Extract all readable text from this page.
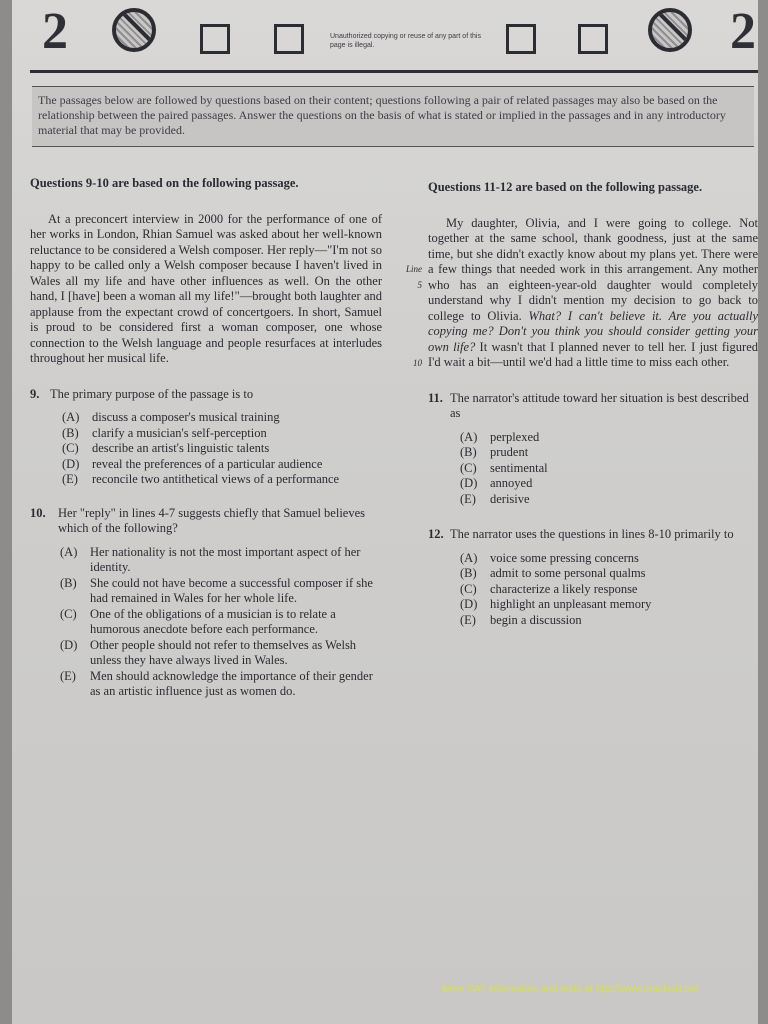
2	Unauthorized copying or reuse of any part of this page is illegal.	2
The passages below are followed by questions based on their content; questions following a pair of related passages may also be based on the relationship between the paired passages. Answer the questions on the basis of what is stated or implied in the passages and in any introductory material that may be provided.
Questions 9-10 are based on the following passage.

At a preconcert interview in 2000 for the performance of one of her works in London, Rhian Samuel was asked about her well-known reluctance to be considered a Welsh composer. Her reply—"I'm not so happy to be called only a Welsh composer because I haven't lived in Wales all my life and have other influences as well. On the other hand, I [have] been a woman all my life!"—brought both laughter and applause from the expectant crowd of concertgoers. In short, Samuel is proud to be considered first a woman composer, one whose connection to the Welsh language and people resurfaces at interludes throughout her musical life.

9. The primary purpose of the passage is to
(A)	discuss a composer's musical training
(B)	clarify a musician's self-perception
(C)	describe an artist's linguistic talents
(D)	reveal the preferences of a particular audience
(E)	reconcile two antithetical views of a performance
10. Her "reply" in lines 4-7 suggests chiefly that Samuel believes which of the following?
(A)	Her nationality is not the most important aspect of her identity.
(B)	She could not have become a successful composer if she had remained in Wales for her whole life.
(C)	One of the obligations of a musician is to relate a humorous anecdote before each performance.
(D)	Other people should not refer to themselves as Welsh unless they have always lived in Wales.
(E)	Men should acknowledge the importance of their gender as an artistic influence just as women do.
Questions 11-12 are based on the following passage.
Line
5
10

My daughter, Olivia, and I were going to college. Not together at the same school, thank goodness, just at the same time, but she didn't exactly know about my plans yet. There were a few things that needed work in this arrangement. Any mother who has an eighteen-year-old daughter would completely understand why I didn't mention my decision to go back to college to Olivia. What? I can't believe it. Are you actually copying me? Don't you think you should consider getting your own life? It wasn't that I planned never to tell her. I just figured I'd wait a bit—until we'd had a little time to miss each other.

11. The narrator's attitude toward her situation is best described as
(A)	perplexed
(B)	prudent
(C)	sentimental
(D)	annoyed
(E)	derisive
12. The narrator uses the questions in lines 8-10 primarily to
(A)	voice some pressing concerns
(B)	admit to some personal qualms
(C)	characterize a likely response
(D)	highlight an unpleasant memory
(E)	begin a discussion
More SAT information and tests at http://www.cracksat.net
